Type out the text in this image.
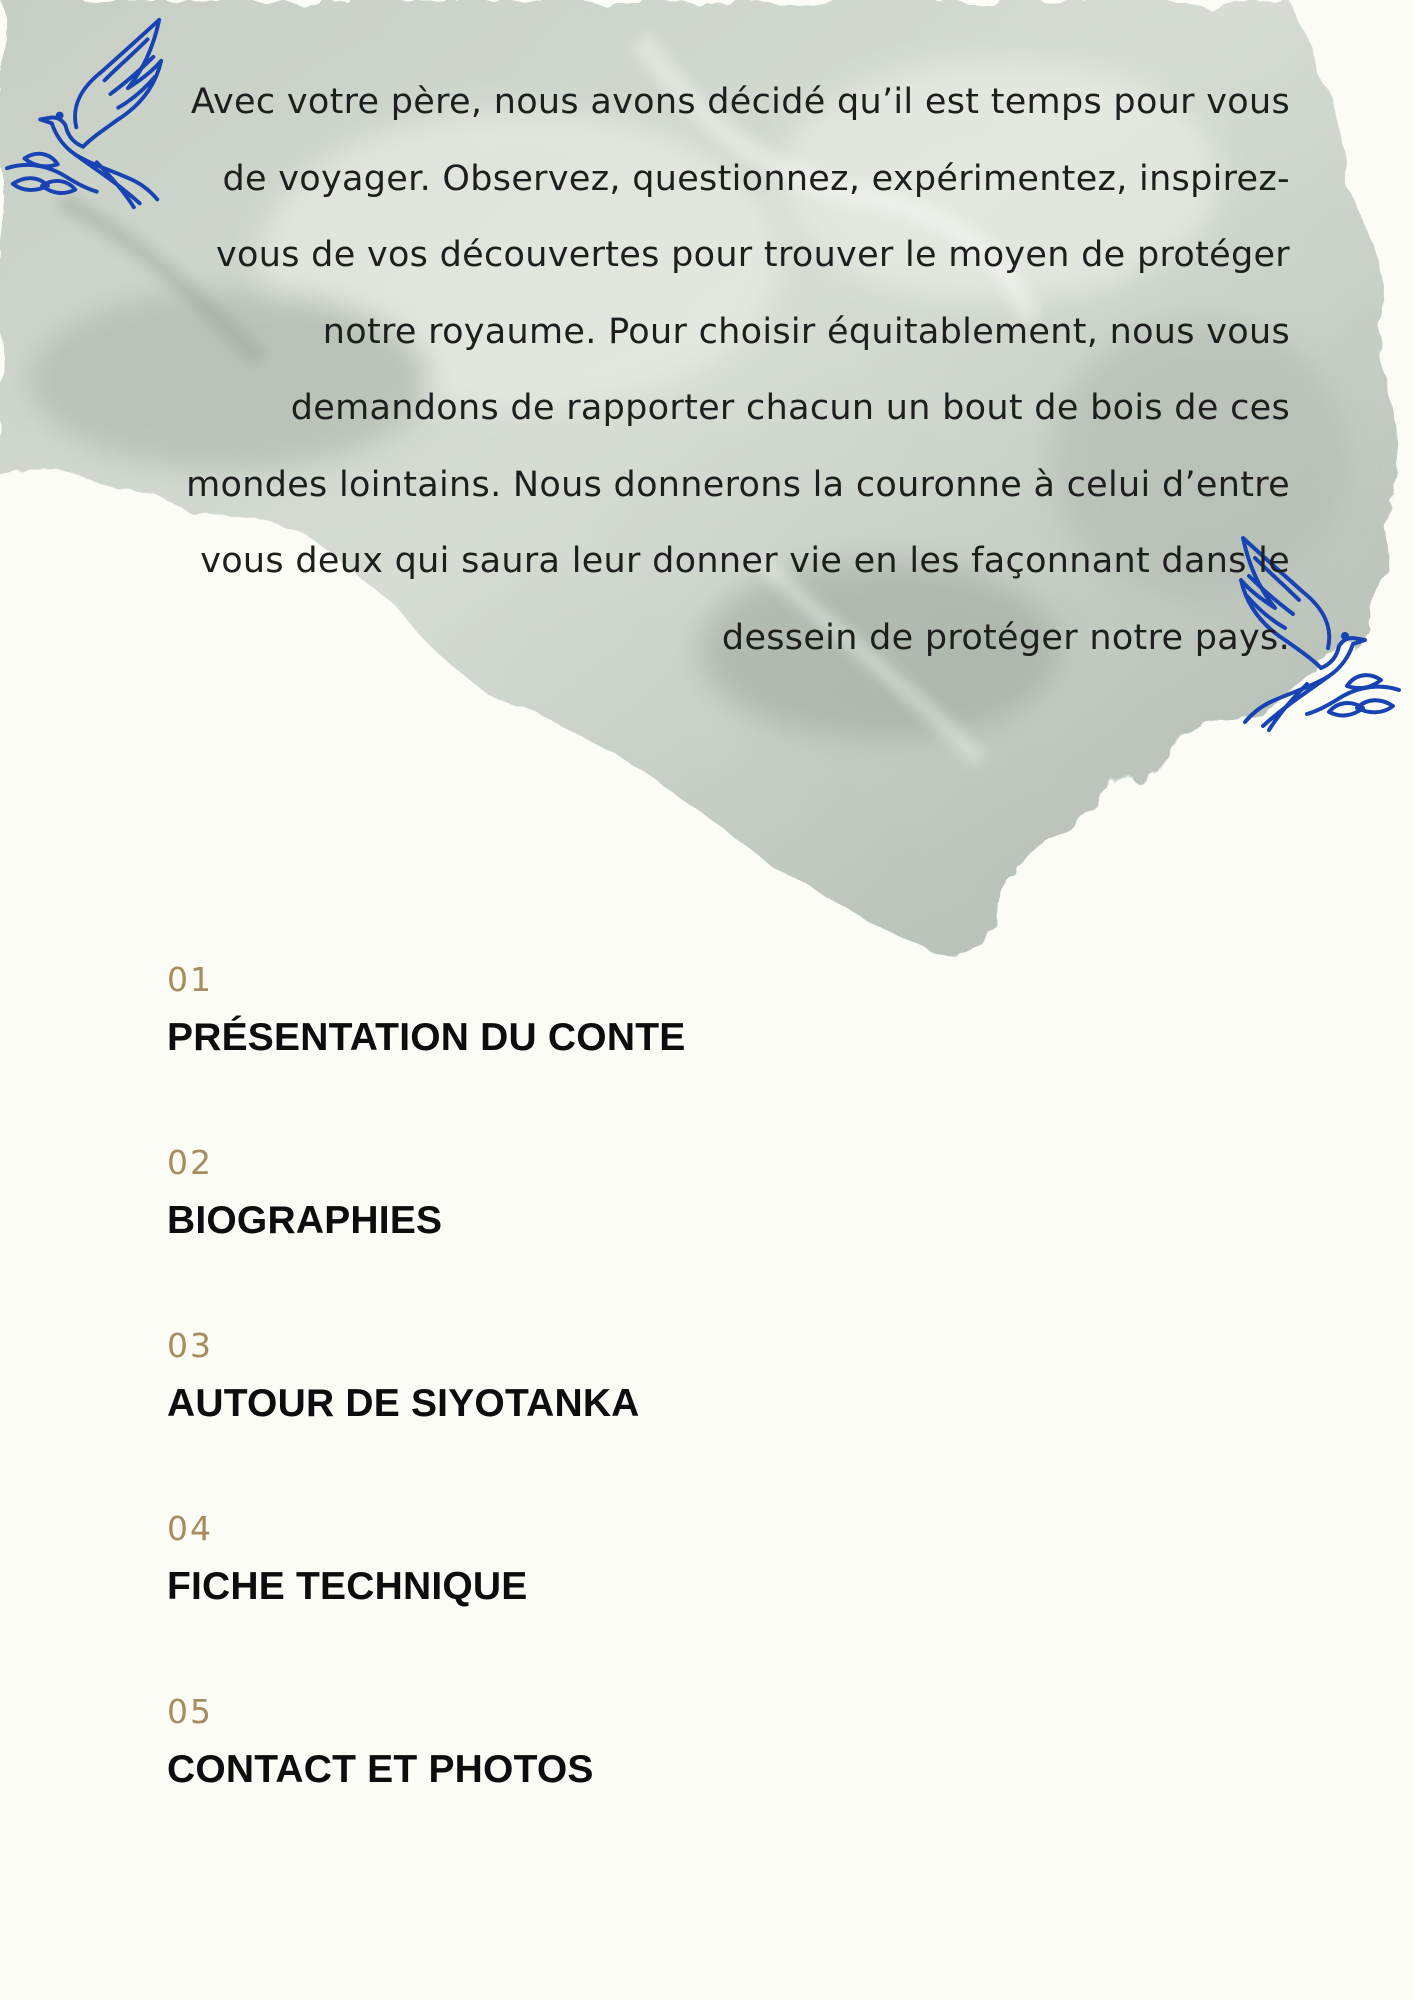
Avec votre père, nous avons décidé qu’il est temps pour vous de voyager. Observez, questionnez, expérimentez, inspirez-vous de vos découvertes pour trouver le moyen de protéger notre royaume. Pour choisir équitablement, nous vous demandons de rapporter chacun un bout de bois de ces mondes lointains. Nous donnerons la couronne à celui d’entre vous deux qui saura leur donner vie en les façonnant dans le dessein de protéger notre pays.

01
PRÉSENTATION DU CONTE
02
BIOGRAPHIES
03
AUTOUR DE SIYOTANKA
04
FICHE TECHNIQUE
05
CONTACT ET PHOTOS
